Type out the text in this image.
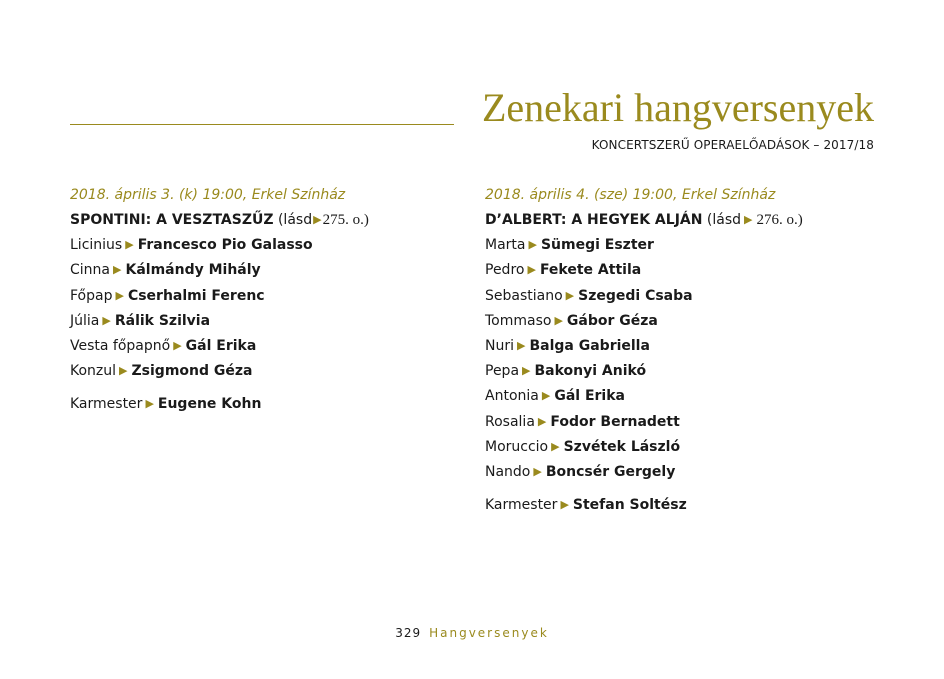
Zenekari hangversenyek
KONCERTSZERŰ OPERAELŐADÁSOK – 2017/18
2018. április 3. (k) 19:00, Erkel Színház
SPONTINI: A VESZTASZŰZ (lásd▶275. o.)
Licinius ▶ Francesco Pio Galasso
Cinna ▶ Kálmándy Mihály
Főpap ▶ Cserhalmi Ferenc
Júlia ▶ Rálik Szilvia
Vesta főpapnő ▶ Gál Erika
Konzul ▶ Zsigmond Géza
Karmester ▶ Eugene Kohn
2018. április 4. (sze) 19:00, Erkel Színház
D’ALBERT: A HEGYEK ALJÁN (lásd ▶ 276. o.)
Marta ▶ Sümegi Eszter
Pedro ▶ Fekete Attila
Sebastiano ▶ Szegedi Csaba
Tommaso ▶ Gábor Géza
Nuri ▶ Balga Gabriella
Pepa ▶ Bakonyi Anikó
Antonia ▶ Gál Erika
Rosalia ▶ Fodor Bernadett
Moruccio ▶ Szvétek László
Nando ▶ Boncsér Gergely
Karmester ▶ Stefan Soltész
329 Hangversenyek
